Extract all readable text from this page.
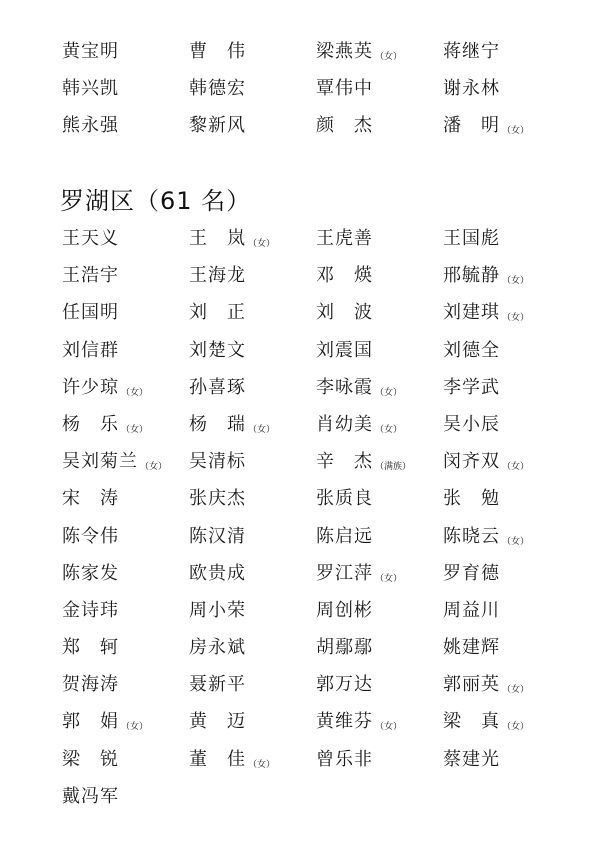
黄宝明	曹　伟	梁燕英 （女）	蒋继宁
韩兴凯	韩德宏	覃伟中	谢永林
熊永强	黎新风	颜　杰	潘　明 （女）
罗湖区（61 名）
王天义	王　岚 （女）	王虎善	王国彪
王浩宇	王海龙	邓　煐	邢毓静 （女）
任国明	刘　正	刘　波	刘建琪 （女）
刘信群	刘楚文	刘震国	刘德全
许少琼 （女）	孙喜琢	李咏霞 （女）	李学武
杨　乐 （女）	杨　瑞 （女）	肖幼美 （女）	吴小辰
吴刘菊兰 （女）	吴清标	辛　杰 （满族）	闵齐双 （女）
宋　涛	张庆杰	张质良	张　勉
陈令伟	陈汉清	陈启远	陈晓云 （女）
陈家发	欧贵成	罗江萍 （女）	罗育德
金诗玮	周小荣	周创彬	周益川
郑　轲	房永斌	胡鄢鄢	姚建辉
贺海涛	聂新平	郭万达	郭丽英 （女）
郭　娟 （女）	黄　迈	黄维芬 （女）	梁　真 （女）
梁　锐	董　佳 （女）	曾乐非	蔡建光
戴冯军
